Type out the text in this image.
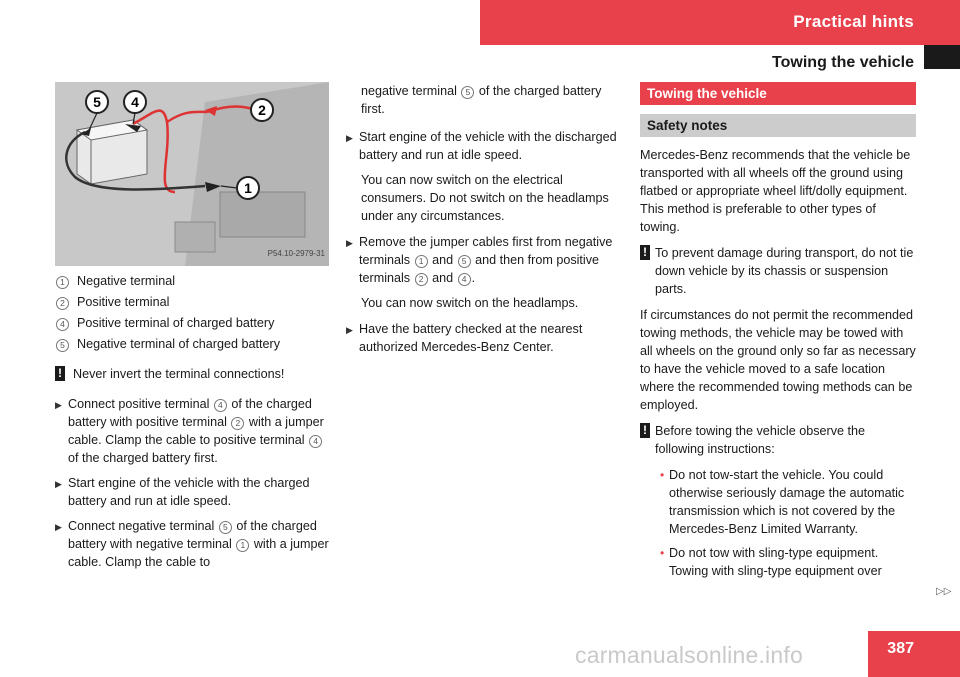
Practical hints
Towing the vehicle
5 4	2
1
P54.10-2979-31
1 Negative terminal
2 Positive terminal
4 Positive terminal of charged battery
5 Negative terminal of charged battery
! Never invert the terminal connections!
▶ Connect positive terminal 4 of the charged battery with positive terminal 2 with a jumper cable. Clamp the cable to positive terminal 4 of the charged battery first.
▶ Start engine of the vehicle with the charged battery and run at idle speed.
▶ Connect negative terminal 5 of the charged battery with negative terminal 1 with a jumper cable. Clamp the cable to

negative terminal 5 of the charged battery first.

▶ Start engine of the vehicle with the discharged battery and run at idle speed.

You can now switch on the electrical consumers. Do not switch on the headlamps under any circumstances.

▶ Remove the jumper cables first from negative terminals 1 and 5 and then from positive terminals 2 and 4 .

You can now switch on the headlamps.

▶ Have the battery checked at the nearest authorized Mercedes-Benz Center.
Towing the vehicle
Safety notes

Mercedes-Benz recommends that the vehicle be transported with all wheels off the ground using flatbed or appropriate wheel lift/dolly equipment. This method is preferable to other types of towing.

! To prevent damage during transport, do not tie down vehicle by its chassis or suspension parts.

If circumstances do not permit the recommended towing methods, the vehicle may be towed with all wheels on the ground only so far as necessary to have the vehicle moved to a safe location where the recommended towing methods can be employed.

! Before towing the vehicle observe the following instructions:
• Do not tow-start the vehicle. You could otherwise seriously damage the automatic transmission which is not covered by the Mercedes-Benz Limited Warranty.
• Do not tow with sling-type equipment. Towing with sling-type equipment over
▷▷
387
carmanualsonline.info
